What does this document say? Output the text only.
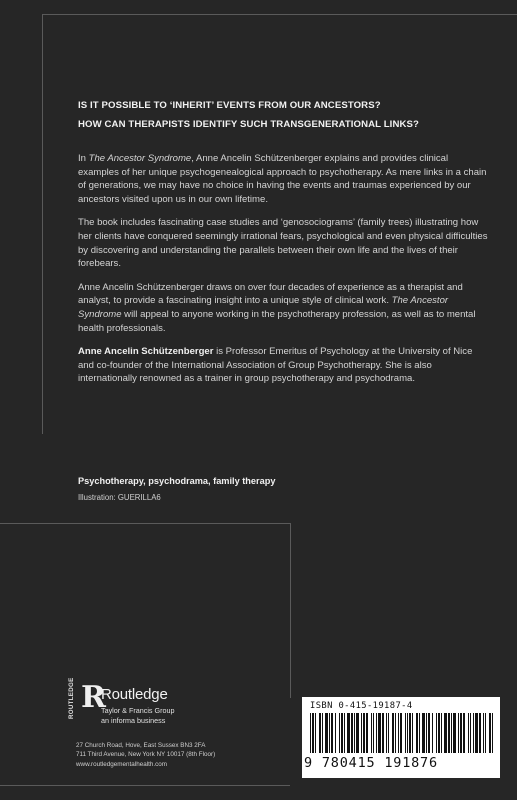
IS IT POSSIBLE TO ‘INHERIT’ EVENTS FROM OUR ANCESTORS?
HOW CAN THERAPISTS IDENTIFY SUCH TRANSGENERATIONAL LINKS?

In The Ancestor Syndrome, Anne Ancelin Schützenberger explains and provides clinical examples of her unique psychogenealogical approach to psychotherapy. As mere links in a chain of generations, we may have no choice in having the events and traumas experienced by our ancestors visited upon us in our own lifetime.

The book includes fascinating case studies and ‘genosociograms’ (family trees) illustrating how her clients have conquered seemingly irrational fears, psychological and even physical difficulties by discovering and understanding the parallels between their own life and the lives of their forebears.

Anne Ancelin Schützenberger draws on over four decades of experience as a therapist and analyst, to provide a fascinating insight into a unique style of clinical work. The Ancestor Syndrome will appeal to anyone working in the psychotherapy profession, as well as to mental health professionals.

Anne Ancelin Schützenberger is Professor Emeritus of Psychology at the University of Nice and co-founder of the International Association of Group Psychotherapy. She is also internationally renowned as a trainer in group psychotherapy and psychodrama.

Psychotherapy, psychodrama, family therapy
Illustration: GUERILLA6
ROUTLEDGE R
Routledge
Taylor & Francis Group
an informa business
27 Church Road, Hove, East Sussex BN3 2FA
711 Third Avenue, New York NY 10017 (8th Floor)
www.routledgementalhealth.com
ISBN 0-415-19187-4
9 780415 191876
